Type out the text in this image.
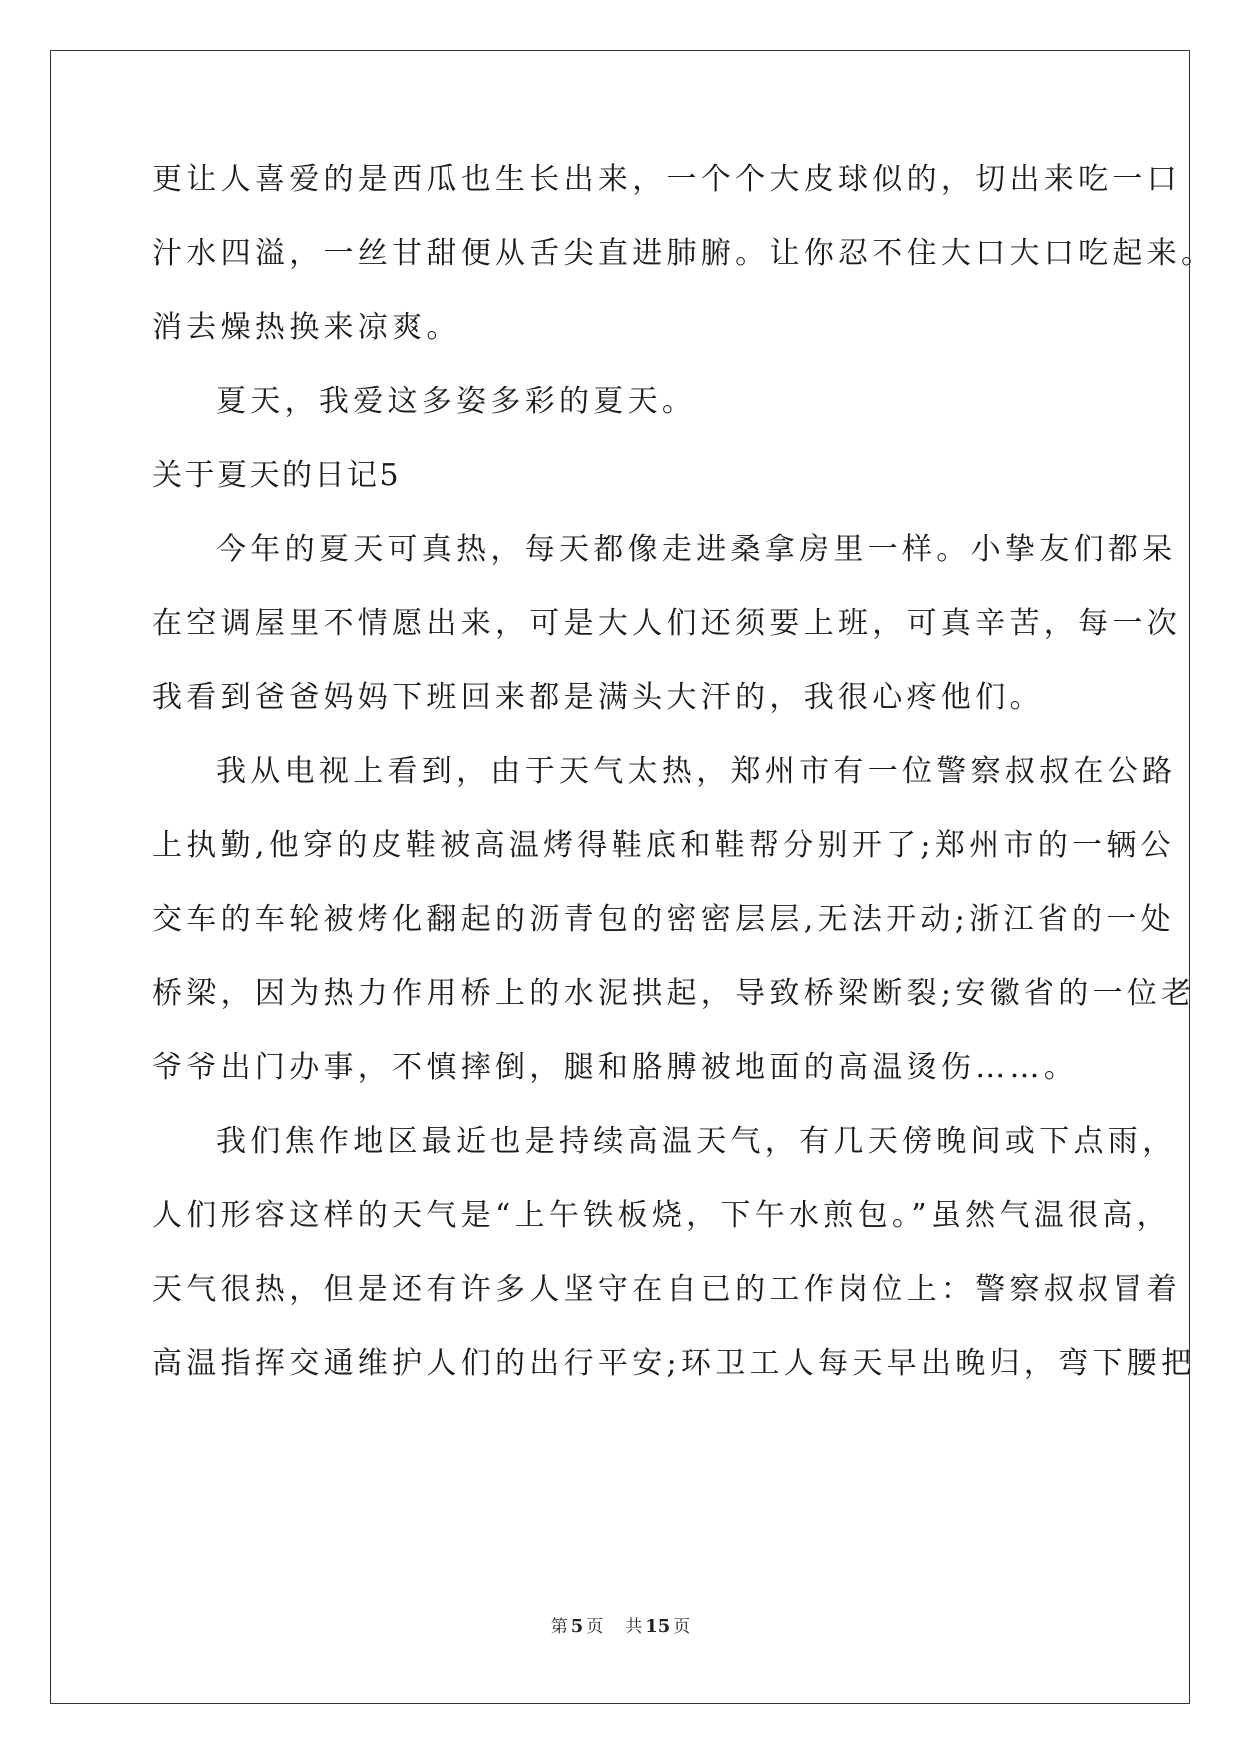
更让人喜爱的是西瓜也生长出来，一个个大皮球似的，切出来吃一口
汁水四溢，一丝甘甜便从舌尖直进肺腑。让你忍不住大口大口吃起来。
消去燥热换来凉爽。
夏天，我爱这多姿多彩的夏天。
关于夏天的日记5
今年的夏天可真热，每天都像走进桑拿房里一样。小挚友们都呆
在空调屋里不情愿出来，可是大人们还须要上班，可真辛苦，每一次
我看到爸爸妈妈下班回来都是满头大汗的，我很心疼他们。
我从电视上看到，由于天气太热，郑州市有一位警察叔叔在公路
上执勤,他穿的皮鞋被高温烤得鞋底和鞋帮分别开了;郑州市的一辆公
交车的车轮被烤化翻起的沥青包的密密层层,无法开动;浙江省的一处
桥梁，因为热力作用桥上的水泥拱起，导致桥梁断裂;安徽省的一位老
爷爷出门办事，不慎摔倒，腿和胳膊被地面的高温烫伤……。
我们焦作地区最近也是持续高温天气，有几天傍晚间或下点雨，
人们形容这样的天气是“上午铁板烧，下午水煎包。”虽然气温很高，
天气很热，但是还有许多人坚守在自已的工作岗位上：警察叔叔冒着
高温指挥交通维护人们的出行平安;环卫工人每天早出晚归，弯下腰把
第 5 页 共 15 页
